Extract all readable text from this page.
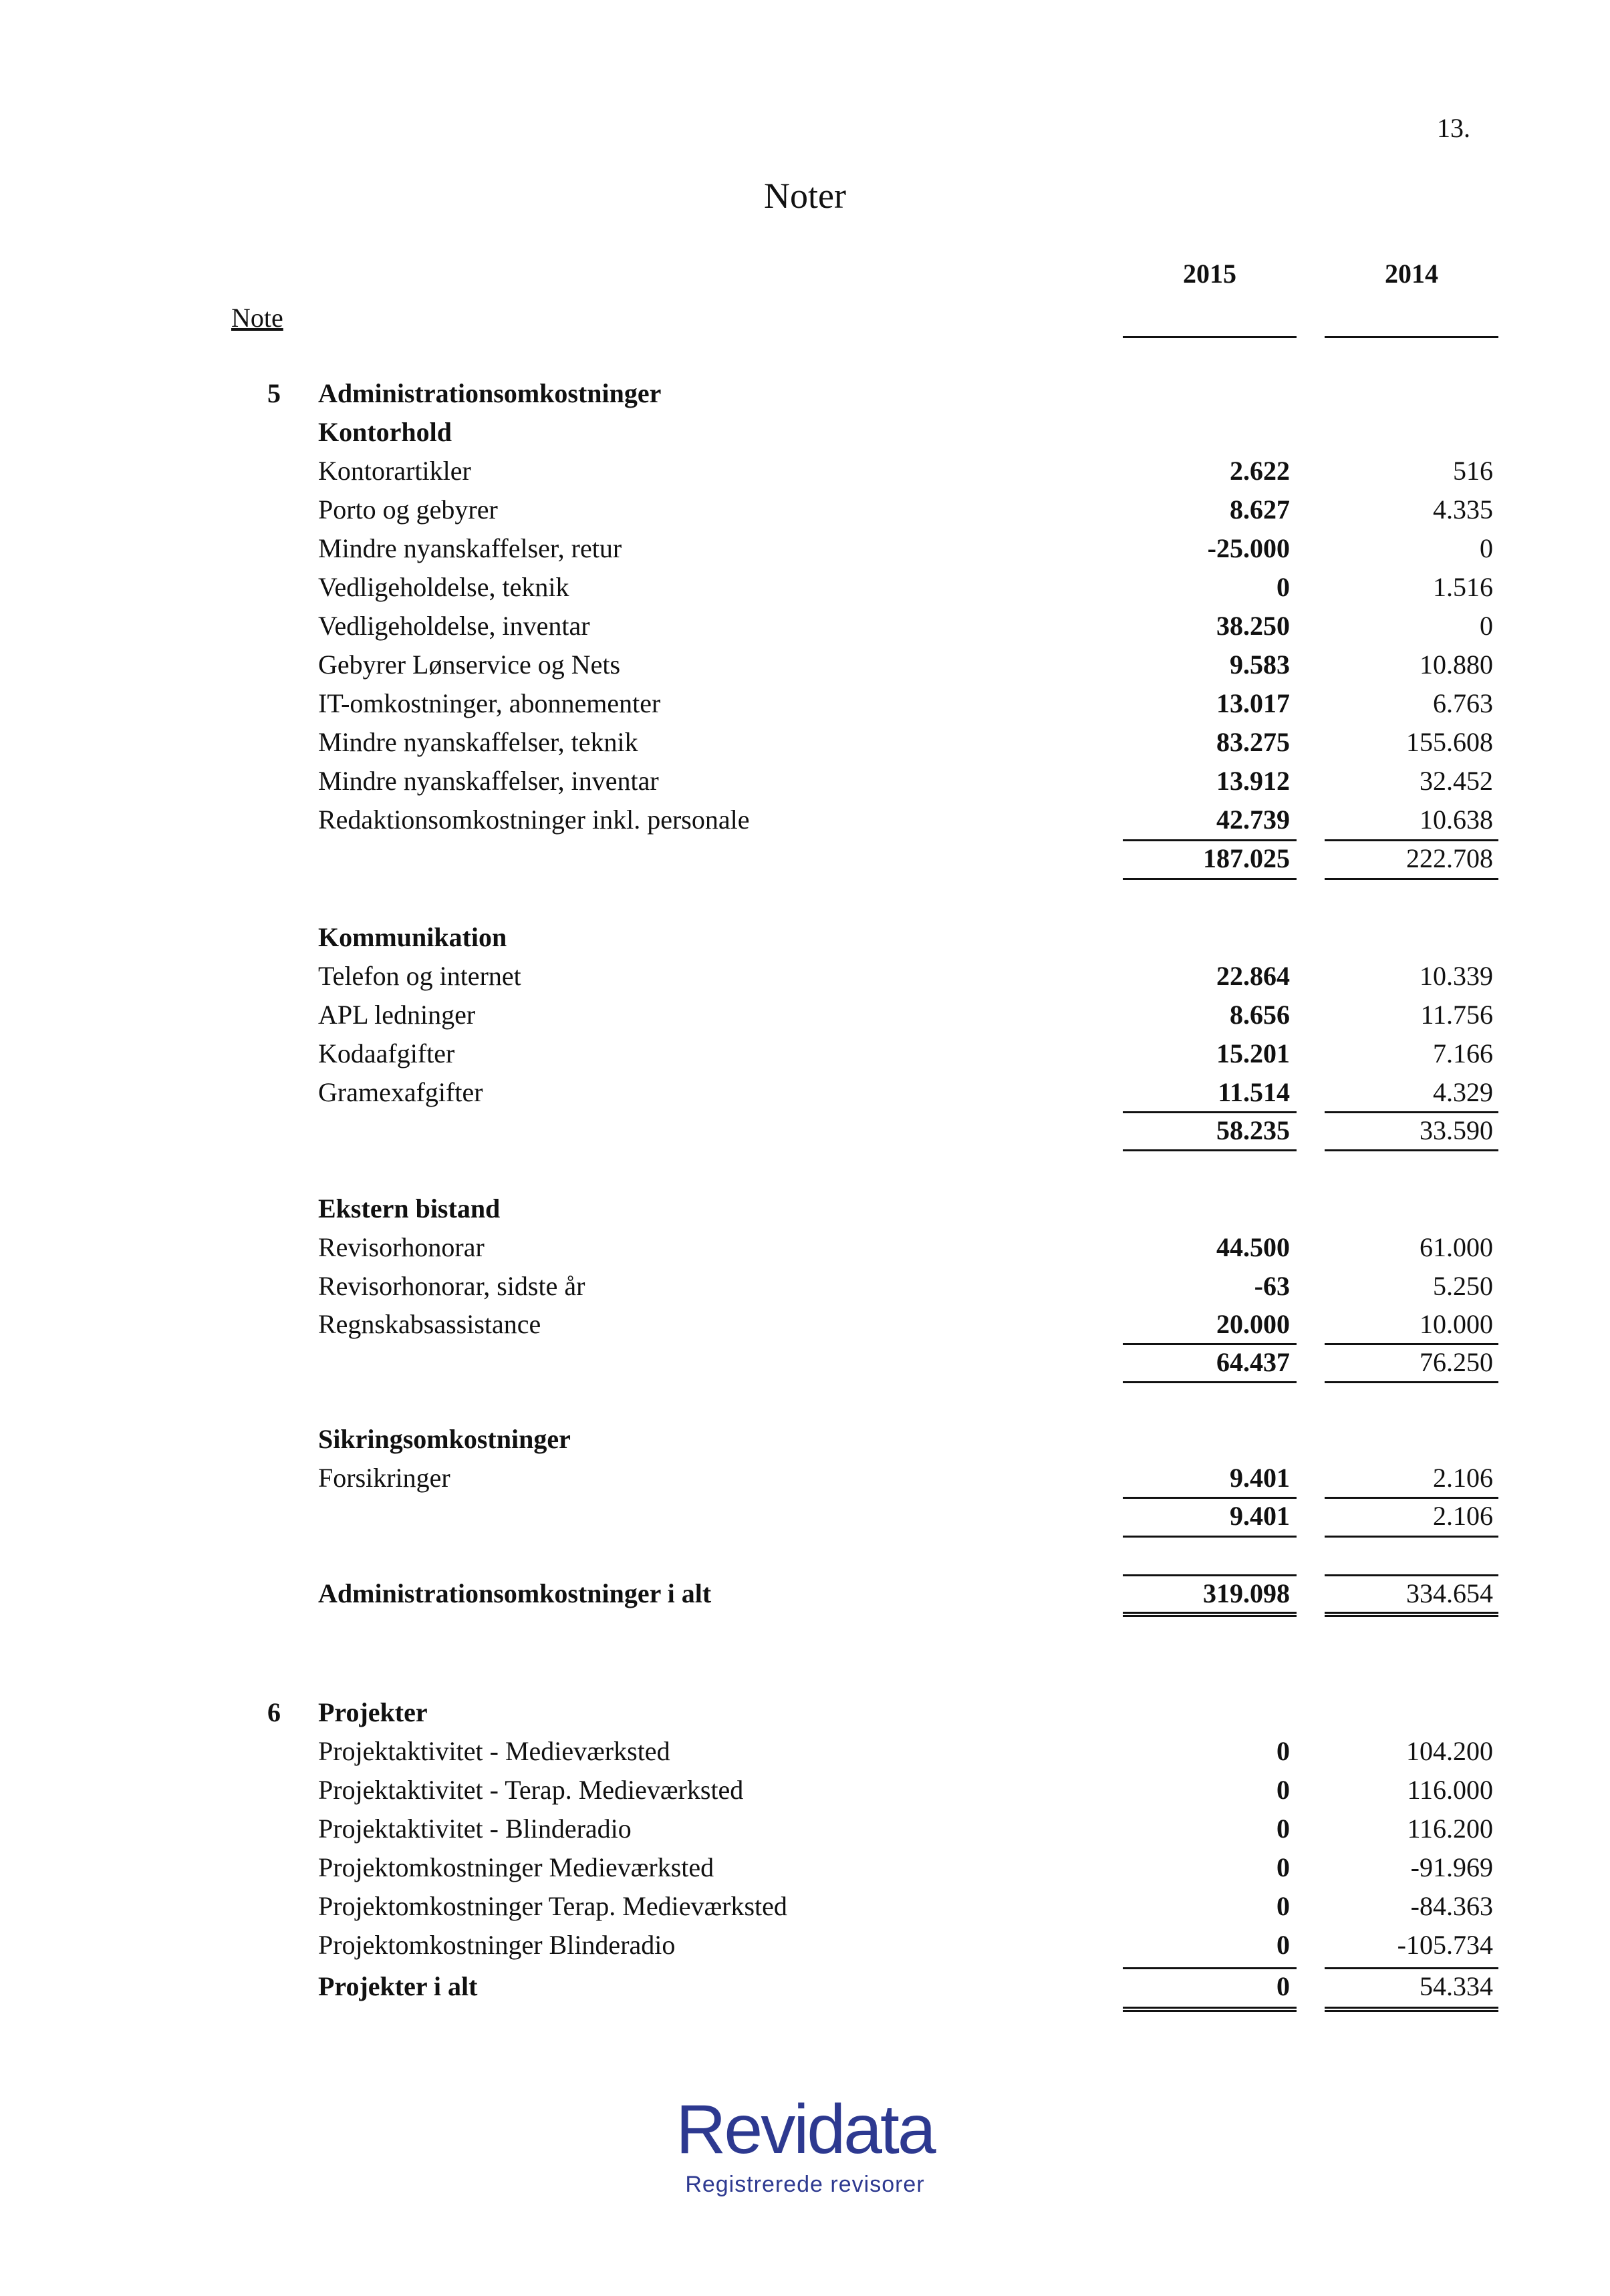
13.
Noter
2015	2014
Note
5 Administrationsomkostninger
Kontorhold
Kontorartikler	2.622	516
Porto og gebyrer	8.627	4.335
Mindre nyanskaffelser, retur	-25.000	0
Vedligeholdelse, teknik	0	1.516
Vedligeholdelse, inventar	38.250	0
Gebyrer Lønservice og Nets	9.583	10.880
IT-omkostninger, abonnementer	13.017	6.763
Mindre nyanskaffelser, teknik	83.275	155.608
Mindre nyanskaffelser, inventar	13.912	32.452
Redaktionsomkostninger inkl. personale	42.739	10.638
187.025	222.708
Kommunikation
Telefon og internet	22.864	10.339
APL ledninger	8.656	11.756
Kodaafgifter	15.201	7.166
Gramexafgifter	11.514	4.329
58.235	33.590
Ekstern bistand
Revisorhonorar	44.500	61.000
Revisorhonorar, sidste år	-63	5.250
Regnskabsassistance	20.000	10.000
64.437	76.250
Sikringsomkostninger
Forsikringer	9.401	2.106
9.401	2.106
Administrationsomkostninger i alt	319.098	334.654
6 Projekter
Projektaktivitet - Medieværksted	0	104.200
Projektaktivitet - Terap. Medieværksted	0	116.000
Projektaktivitet - Blinderadio	0	116.200
Projektomkostninger Medieværksted	0	-91.969
Projektomkostninger Terap. Medieværksted	0	-84.363
Projektomkostninger Blinderadio	0	-105.734
Projekter i alt	0	54.334
Revidata
Registrerede revisorer
